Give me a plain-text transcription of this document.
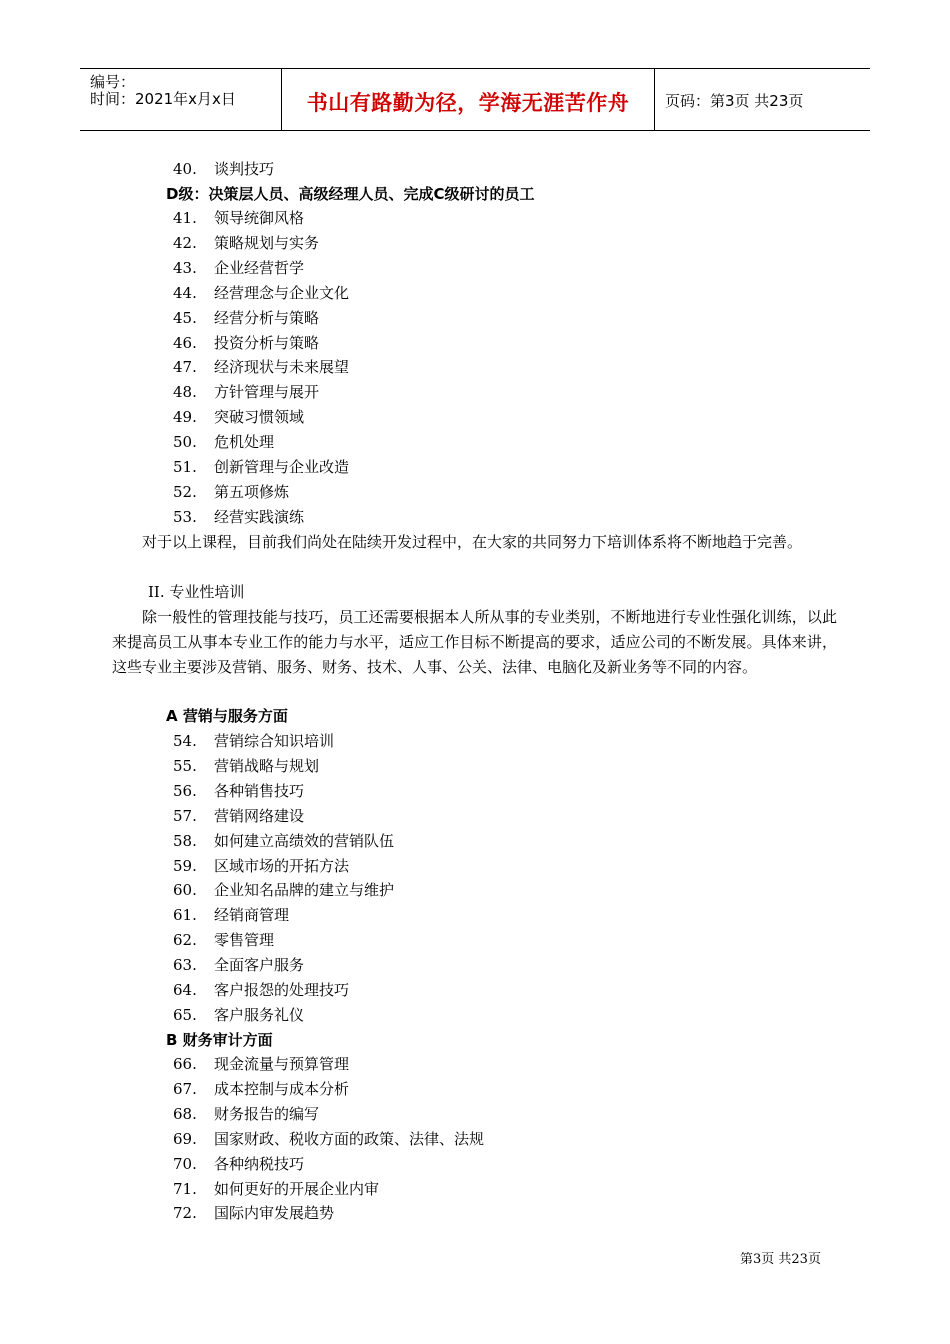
编号：
时间：2021年x月x日	书山有路勤为径，学海无涯苦作舟	页码：第3页 共23页
40. 谈判技巧
D级：决策层人员、高级经理人员、完成C级研讨的员工
41. 领导统御风格
42. 策略规划与实务
43. 企业经营哲学
44. 经营理念与企业文化
45. 经营分析与策略
46. 投资分析与策略
47. 经济现状与未来展望
48. 方针管理与展开
49. 突破习惯领域
50. 危机处理
51. 创新管理与企业改造
52. 第五项修炼
53. 经营实践演练
对于以上课程，目前我们尚处在陆续开发过程中，在大家的共同努力下培训体系将不断地趋于完善。
II. 专业性培训
除一般性的管理技能与技巧，员工还需要根据本人所从事的专业类别，不断地进行专业性强化训练，以此来提高员工从事本专业工作的能力与水平，适应工作目标不断提高的要求，适应公司的不断发展。具体来讲，这些专业主要涉及营销、服务、财务、技术、人事、公关、法律、电脑化及新业务等不同的内容。
A 营销与服务方面
54. 营销综合知识培训
55. 营销战略与规划
56. 各种销售技巧
57. 营销网络建设
58. 如何建立高绩效的营销队伍
59. 区域市场的开拓方法
60. 企业知名品牌的建立与维护
61. 经销商管理
62. 零售管理
63. 全面客户服务
64. 客户报怨的处理技巧
65. 客户服务礼仪
B 财务审计方面
66. 现金流量与预算管理
67. 成本控制与成本分析
68. 财务报告的编写
69. 国家财政、税收方面的政策、法律、法规
70. 各种纳税技巧
71. 如何更好的开展企业内审
72. 国际内审发展趋势
第3页 共23页
